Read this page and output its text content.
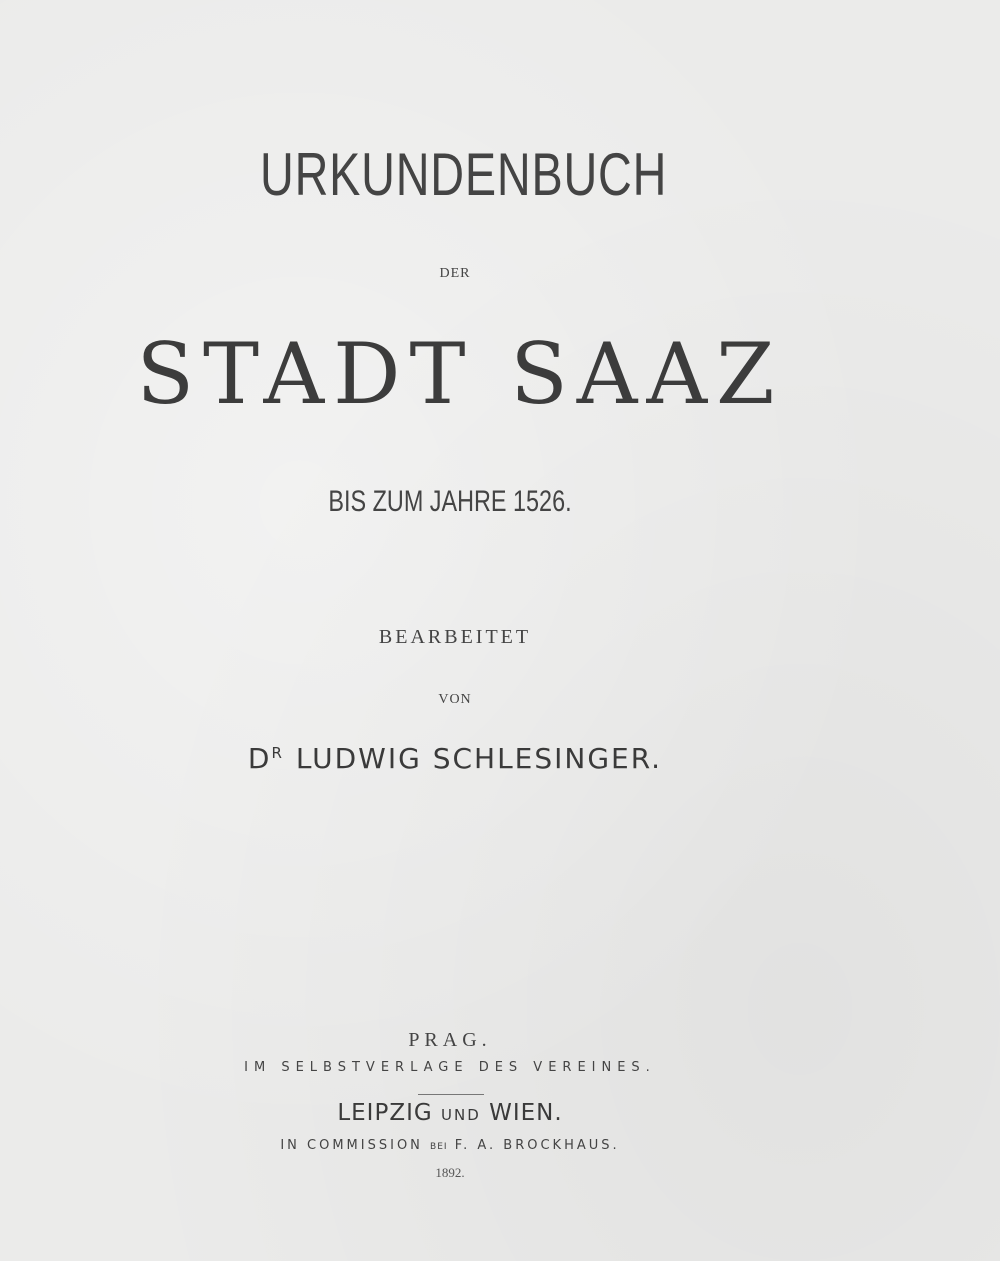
URKUNDENBUCH
DER
STADT SAAZ
BIS ZUM JAHRE 1526.
BEARBEITET
VON
$D^R$ LUDWIG SCHLESINGER.
PRAG.
IM SELBSTVERLAGE DES VEREINES.
LEIPZIG UND WIEN.
IN COMMISSION BEI F. A. BROCKHAUS.
1892.
